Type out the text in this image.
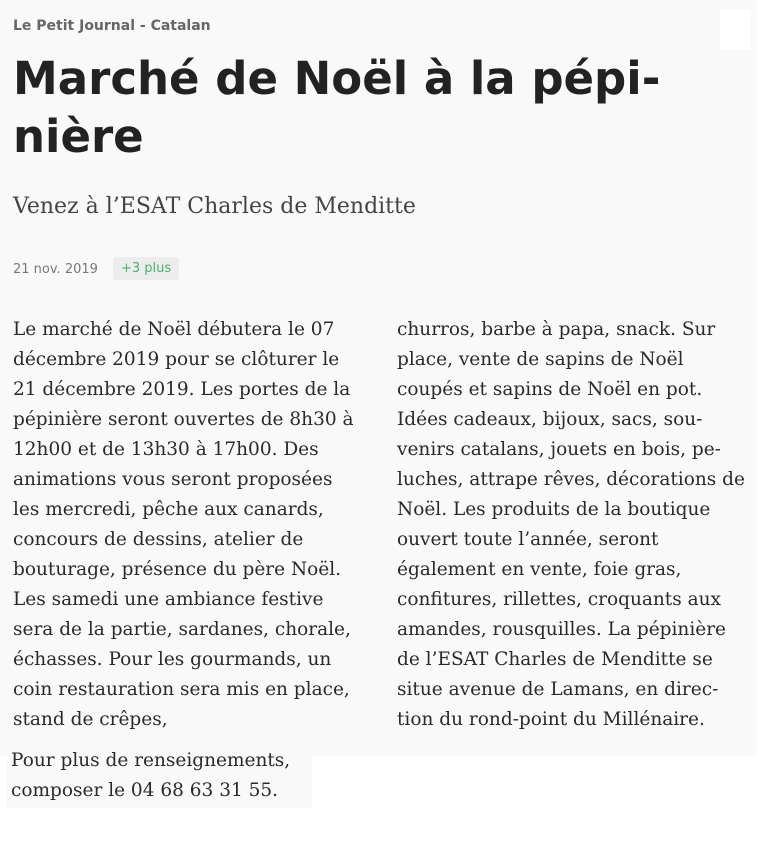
Le Petit Journal - Catalan
Marché de Noël à la pépinière
Venez à l’ESAT Charles de Menditte
21 nov. 2019	+3 plus

Le marché de Noël débutera le 07 décembre 2019 pour se clôturer le 21 décembre 2019. Les portes de la pépinière seront ouvertes de 8h30 à 12h00 et de 13h30 à 17h00. Des animations vous seront proposées les mercredi, pêche aux canards, concours de dessins, atelier de bouturage, présence du père Noël. Les samedi une ambiance festive sera de la partie, sardanes, chorale, échasses. Pour les gourmands, un coin restauration sera mis en place, stand de crêpes,

churros, barbe à papa, snack. Sur place, vente de sapins de Noël coupés et sapins de Noël en pot. Idées cadeaux, bijoux, sacs, souvenirs catalans, jouets en bois, peluches, attrape rêves, décorations de Noël. Les produits de la boutique ouvert toute l’année, seront également en vente, foie gras, confitures, rillettes, croquants aux amandes, rousquilles. La pépinière de l’ESAT Charles de Menditte se situe avenue de Lamans, en direction du rond-point du Millénaire.

Pour plus de renseignements, composer le 04 68 63 31 55.
